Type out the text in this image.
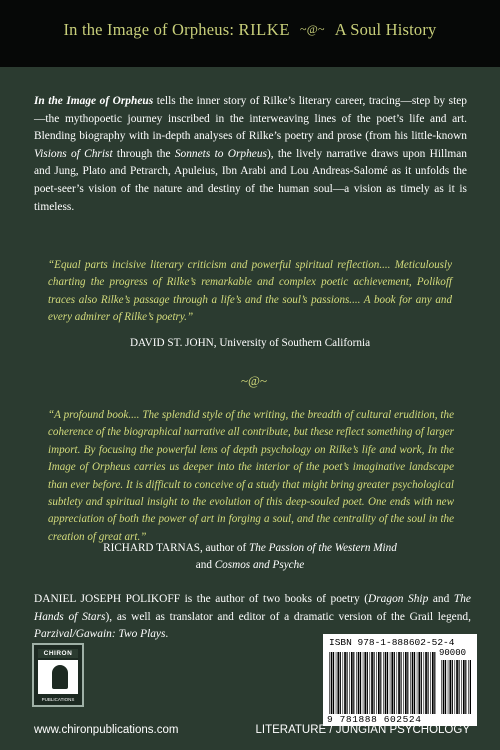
In the Image of Orpheus: RILKE ~@~ A Soul History
In the Image of Orpheus tells the inner story of Rilke’s literary career, tracing—step by step—the mythopoetic journey inscribed in the interweaving lines of the poet’s life and art. Blending biography with in-depth analyses of Rilke’s poetry and prose (from his little-known Visions of Christ through the Sonnets to Orpheus), the lively narrative draws upon Hillman and Jung, Plato and Petrarch, Apuleius, Ibn Arabi and Lou Andreas-Salomé as it unfolds the poet-seer’s vision of the nature and destiny of the human soul—a vision as timely as it is timeless.
“Equal parts incisive literary criticism and powerful spiritual reflection.... Meticulously charting the progress of Rilke’s remarkable and complex poetic achievement, Polikoff traces also Rilke’s passage through a life’s and the soul’s passions.... A book for any and every admirer of Rilke’s poetry.”
DAVID ST. JOHN, University of Southern California
~@~
“A profound book.... The splendid style of the writing, the breadth of cultural erudition, the coherence of the biographical narrative all contribute, but these reflect something of larger import. By focusing the powerful lens of depth psychology on Rilke’s life and work, In the Image of Orpheus carries us deeper into the interior of the poet’s imaginative landscape than ever before. It is difficult to conceive of a study that might bring greater psychological subtlety and spiritual insight to the evolution of this deep-souled poet. One ends with new appreciation of both the power of art in forging a soul, and the centrality of the soul in the creation of great art.”
RICHARD TARNAS, author of The Passion of the Western Mind
and Cosmos and Psyche
DANIEL JOSEPH POLIKOFF is the author of two books of poetry (Dragon Ship and The Hands of Stars), as well as translator and editor of a dramatic version of the Grail legend, Parzival/Gawain: Two Plays.
CHIRON
PUBLICATIONS
ISBN 978-1-888602-52-4
90000
9 781888 602524
www.chironpublications.com	LITERATURE / JUNGIAN PSYCHOLOGY
